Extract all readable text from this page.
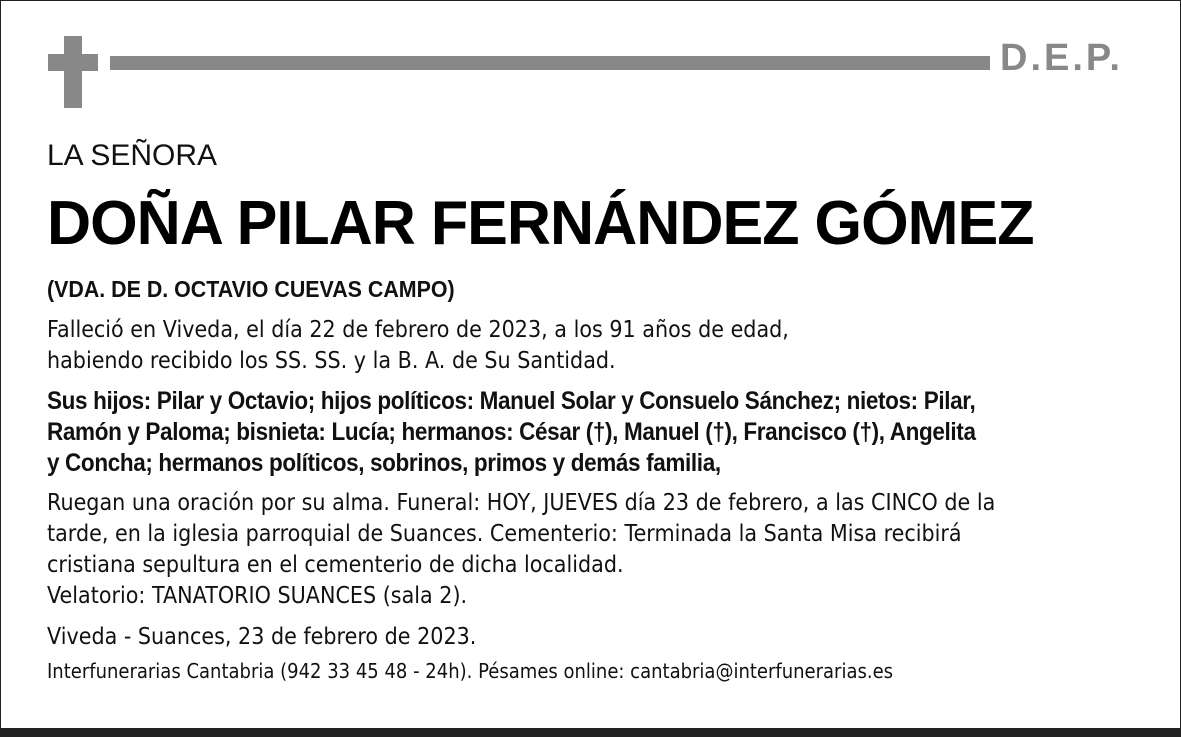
D.E.P.
LA SEÑORA
DOÑA PILAR FERNÁNDEZ GÓMEZ
(VDA. DE D. OCTAVIO CUEVAS CAMPO)
Falleció en Viveda, el día 22 de febrero de 2023, a los 91 años de edad,
habiendo recibido los SS. SS. y la B. A. de Su Santidad.
Sus hijos: Pilar y Octavio; hijos políticos: Manuel Solar y Consuelo Sánchez; nietos: Pilar,
Ramón y Paloma; bisnieta: Lucía; hermanos: César (†), Manuel (†), Francisco (†), Angelita
y Concha; hermanos políticos, sobrinos, primos y demás familia,
Ruegan una oración por su alma. Funeral: HOY, JUEVES día 23 de febrero, a las CINCO de la
tarde, en la iglesia parroquial de Suances. Cementerio: Terminada la Santa Misa recibirá
cristiana sepultura en el cementerio de dicha localidad.
Velatorio: TANATORIO SUANCES (sala 2).
Viveda - Suances, 23 de febrero de 2023.
Interfunerarias Cantabria (942 33 45 48 - 24h). Pésames online: cantabria@interfunerarias.es
